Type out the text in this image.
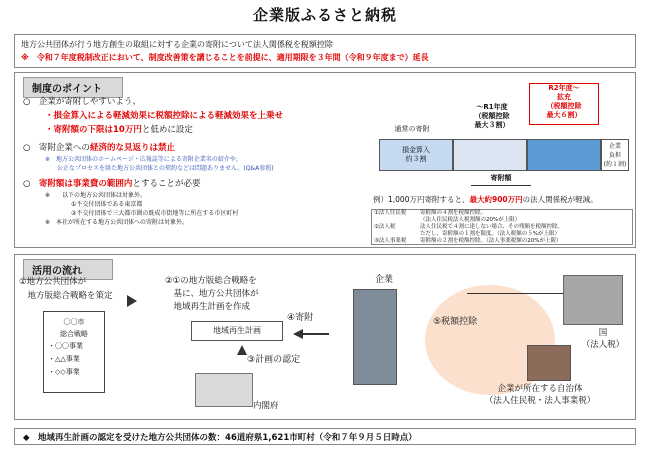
企業版ふるさと納税
地方公共団体が行う地方創生の取組に対する企業の寄附について法人関係税を税額控除
※　令和７年度税制改正において、制度改善策を講じることを前提に、適用期限を３年間（令和９年度まで）延長
制度のポイント
○　企業が寄附しやすいよう、
・損金算入による軽減効果に税額控除による軽減効果を上乗せ
・寄附額の下限は10万円と低めに設定
○　寄附企業への経済的な見返りは禁止
※　地方公共団体のホームページ・広報誌等による寄附企業名の紹介や、
公正なプロセスを経た地方公共団体との契約などは問題ありません。(Q&A参照)
○　寄附額は事業費の範囲内とすることが必要
※　　以下の地方公共団体は対象外。
①不交付団体である東京都
②不交付団体で三大都市圏の既成市街地等に所在する市区町村
※　本社が所在する地方公共団体への寄附は対象外。
R2年度～
拡充
（税額控除
最大６割）
～R1年度
（税額控除
最大３割）
通常の寄附
損金算入
約３割
企業
負担
(約１割)
寄附額
例）1,000万円寄附すると、最大約900万円の法人関係税が軽減。
①法人住民税	寄附額の４割を税額控除。
（法人住民税法人税割額の20%が上限）
②法人税	法人住民税で４割に達しない場合、その残額を税額控除。
ただし、寄附額の１割を限度。（法人税額の５%が上限）
③法人事業税	寄附額の２割を税額控除。（法人事業税額の20%が上限）
活用の流れ
①地方公共団体が
　地方版総合戦略を策定
〇〇市
総合戦略
・〇〇事業
・△△事業
・◇◇事業
②①の地方版総合戦略を
　基に、地方公共団体が
　地域再生計画を作成
地域再生計画
④寄附
③計画の認定
内閣府
企業
⑤税額控除
国
（法人税）
企業が所在する自治体
（法人住民税・法人事業税）
◆　地域再生計画の認定を受けた地方公共団体の数：46道府県1,621市町村（令和７年９月５日時点）
